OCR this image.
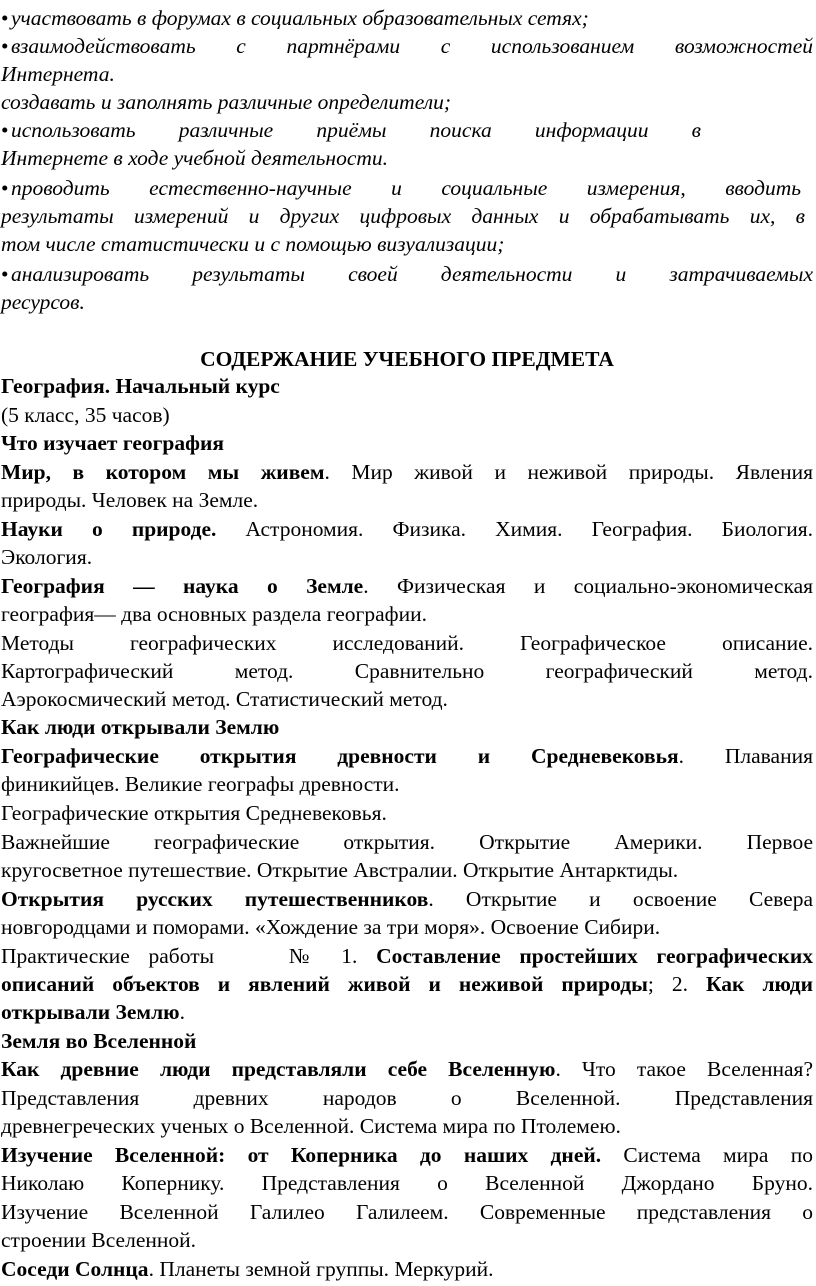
• участвовать в форумах в социальных образовательных сетях;
• взаимодействовать с партнёрами с использованием возможностей
Интернета.
создавать и заполнять различные определители;
• использовать различные приёмы поиска информации в
Интернете в ходе учебной деятельности.
• проводить естественно-научные и социальные измерения, вводить
результаты измерений и других цифровых данных и обрабатывать их, в
том числе статистически и с помощью визуализации;
• анализировать результаты своей деятельности и затрачиваемых
ресурсов.
СОДЕРЖАНИЕ УЧЕБНОГО ПРЕДМЕТА
География. Начальный курс
(5 класс, 35 часов)
Что изучает география
Мир, в котором мы живем. Мир живой и неживой природы. Явления
природы. Человек на Земле.
Науки о природе. Астрономия. Физика. Химия. География. Биология.
Экология.
География — наука о Земле. Физическая и социально-экономическая
география— два основных раздела географии.
Методы географических исследований. Географическое описание.
Картографический метод. Сравнительно географический метод.
Аэрокосмический метод. Статистический метод.
Как люди открывали Землю
Географические открытия древности и Средневековья. Плавания
финикийцев. Великие географы древности.
Географические открытия Средневековья.
Важнейшие географические открытия. Открытие Америки. Первое
кругосветное путешествие. Открытие Австралии. Открытие Антарктиды.
Открытия русских путешественников. Открытие и освоение Севера
новгородцами и поморами. «Хождение за три моря». Освоение Сибири.
Практические работы    № 1. Составление простейших географических
описаний объектов и явлений живой и неживой природы; 2. Как люди
открывали Землю.
Земля во Вселенной
Как древние люди представляли себе Вселенную. Что такое Вселенная?
Представления древних народов о Вселенной. Представления
древнегреческих ученых о Вселенной. Система мира по Птолемею.
Изучение Вселенной: от Коперника до наших дней. Система мира по
Николаю Копернику. Представления о Вселенной Джордано Бруно.
Изучение Вселенной Галилео Галилеем. Современные представления о
строении Вселенной.
Соседи Солнца. Планеты земной группы. Меркурий.
